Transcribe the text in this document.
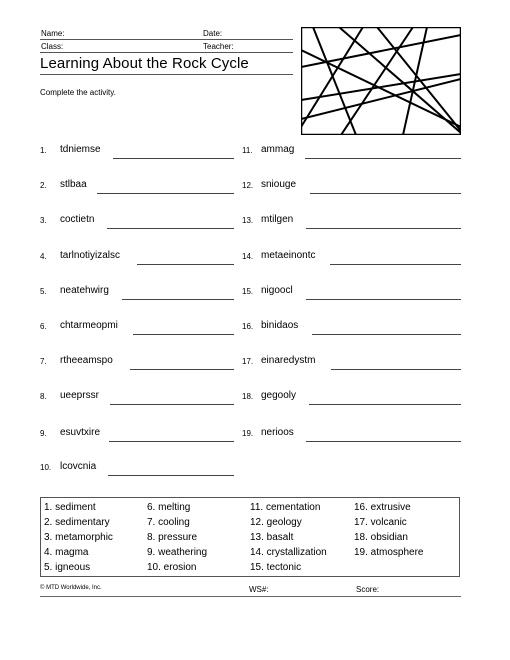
Name:	Date:
Class:	Teacher:
Learning About the Rock Cycle
Complete the activity.
1. tdniemse
2. stlbaa
3. coctietn
4. tarlnotiyizalsc
5. neatehwirg
6. chtarmeopmi
7. rtheeamspo
8. ueeprssr
9. esuvtxire
10. lcovcnia
11. ammag
12. sniouge
13. mtilgen
14. metaeinontc
15. nigoocl
16. binidaos
17. einaredystm
18. gegooly
19. nerioos
1. sediment
2. sedimentary
3. metamorphic
4. magma
5. igneous
6. melting
7. cooling
8. pressure
9. weathering
10. erosion
11. cementation
12. geology
13. basalt
14. crystallization
15. tectonic
16. extrusive
17. volcanic
18. obsidian
19. atmosphere
© MTD Worldwide, Inc.	WS#:	Score:
